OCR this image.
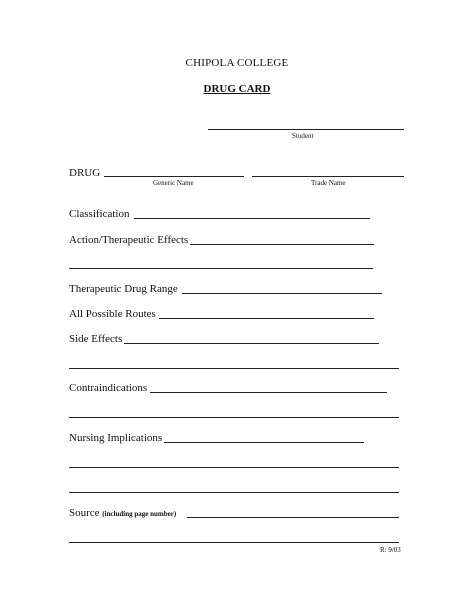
CHIPOLA COLLEGE
DRUG CARD
Student
DRUG
Generic Name	Trade Name
Classification
Action/Therapeutic Effects
Therapeutic Drug Range
All Possible Routes
Side Effects
Contraindications
Nursing Implications
Source (including page number)
R: 9/03
